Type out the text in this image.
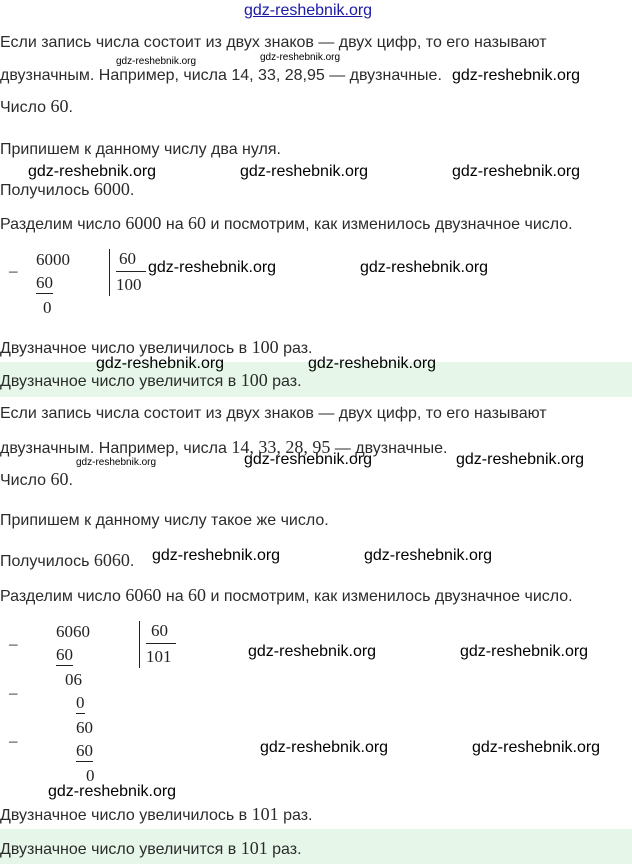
gdz-reshebnik.org
Если запись числа состоит из двух знаков — двух цифр, то его называют
двузначным. Например, числа 14, 33, 28,95 — двузначные.
Число 60.
Припишем к данному числу два нуля.
Получилось 6000.
Разделим число 6000 на 60 и посмотрим, как изменилось двузначное число.
–
6000
60
0
60
100
Двузначное число увеличилось в 100 раз.
Двузначное число увеличится в 100 раз.
Если запись числа состоит из двух знаков — двух цифр, то его называют
двузначным. Например, числа 14, 33, 28, 95 — двузначные.
Число 60.
Припишем к данному числу такое же число.
Получилось 6060.
Разделим число 6060 на 60 и посмотрим, как изменилось двузначное число.
–
6060
60
06
–
0
60
–
60
0
60
101
Двузначное число увеличилось в 101 раз.
Двузначное число увеличится в 101 раз.
gdz-reshebnik.org	gdz-reshebnik.org
gdz-reshebnik.org
gdz-reshebnik.org	gdz-reshebnik.org	gdz-reshebnik.org
gdz-reshebnik.org	gdz-reshebnik.org
gdz-reshebnik.org	gdz-reshebnik.org
gdz-reshebnik.org	gdz-reshebnik.org	gdz-reshebnik.org
gdz-reshebnik.org	gdz-reshebnik.org
gdz-reshebnik.org	gdz-reshebnik.org
gdz-reshebnik.org	gdz-reshebnik.org
gdz-reshebnik.org
